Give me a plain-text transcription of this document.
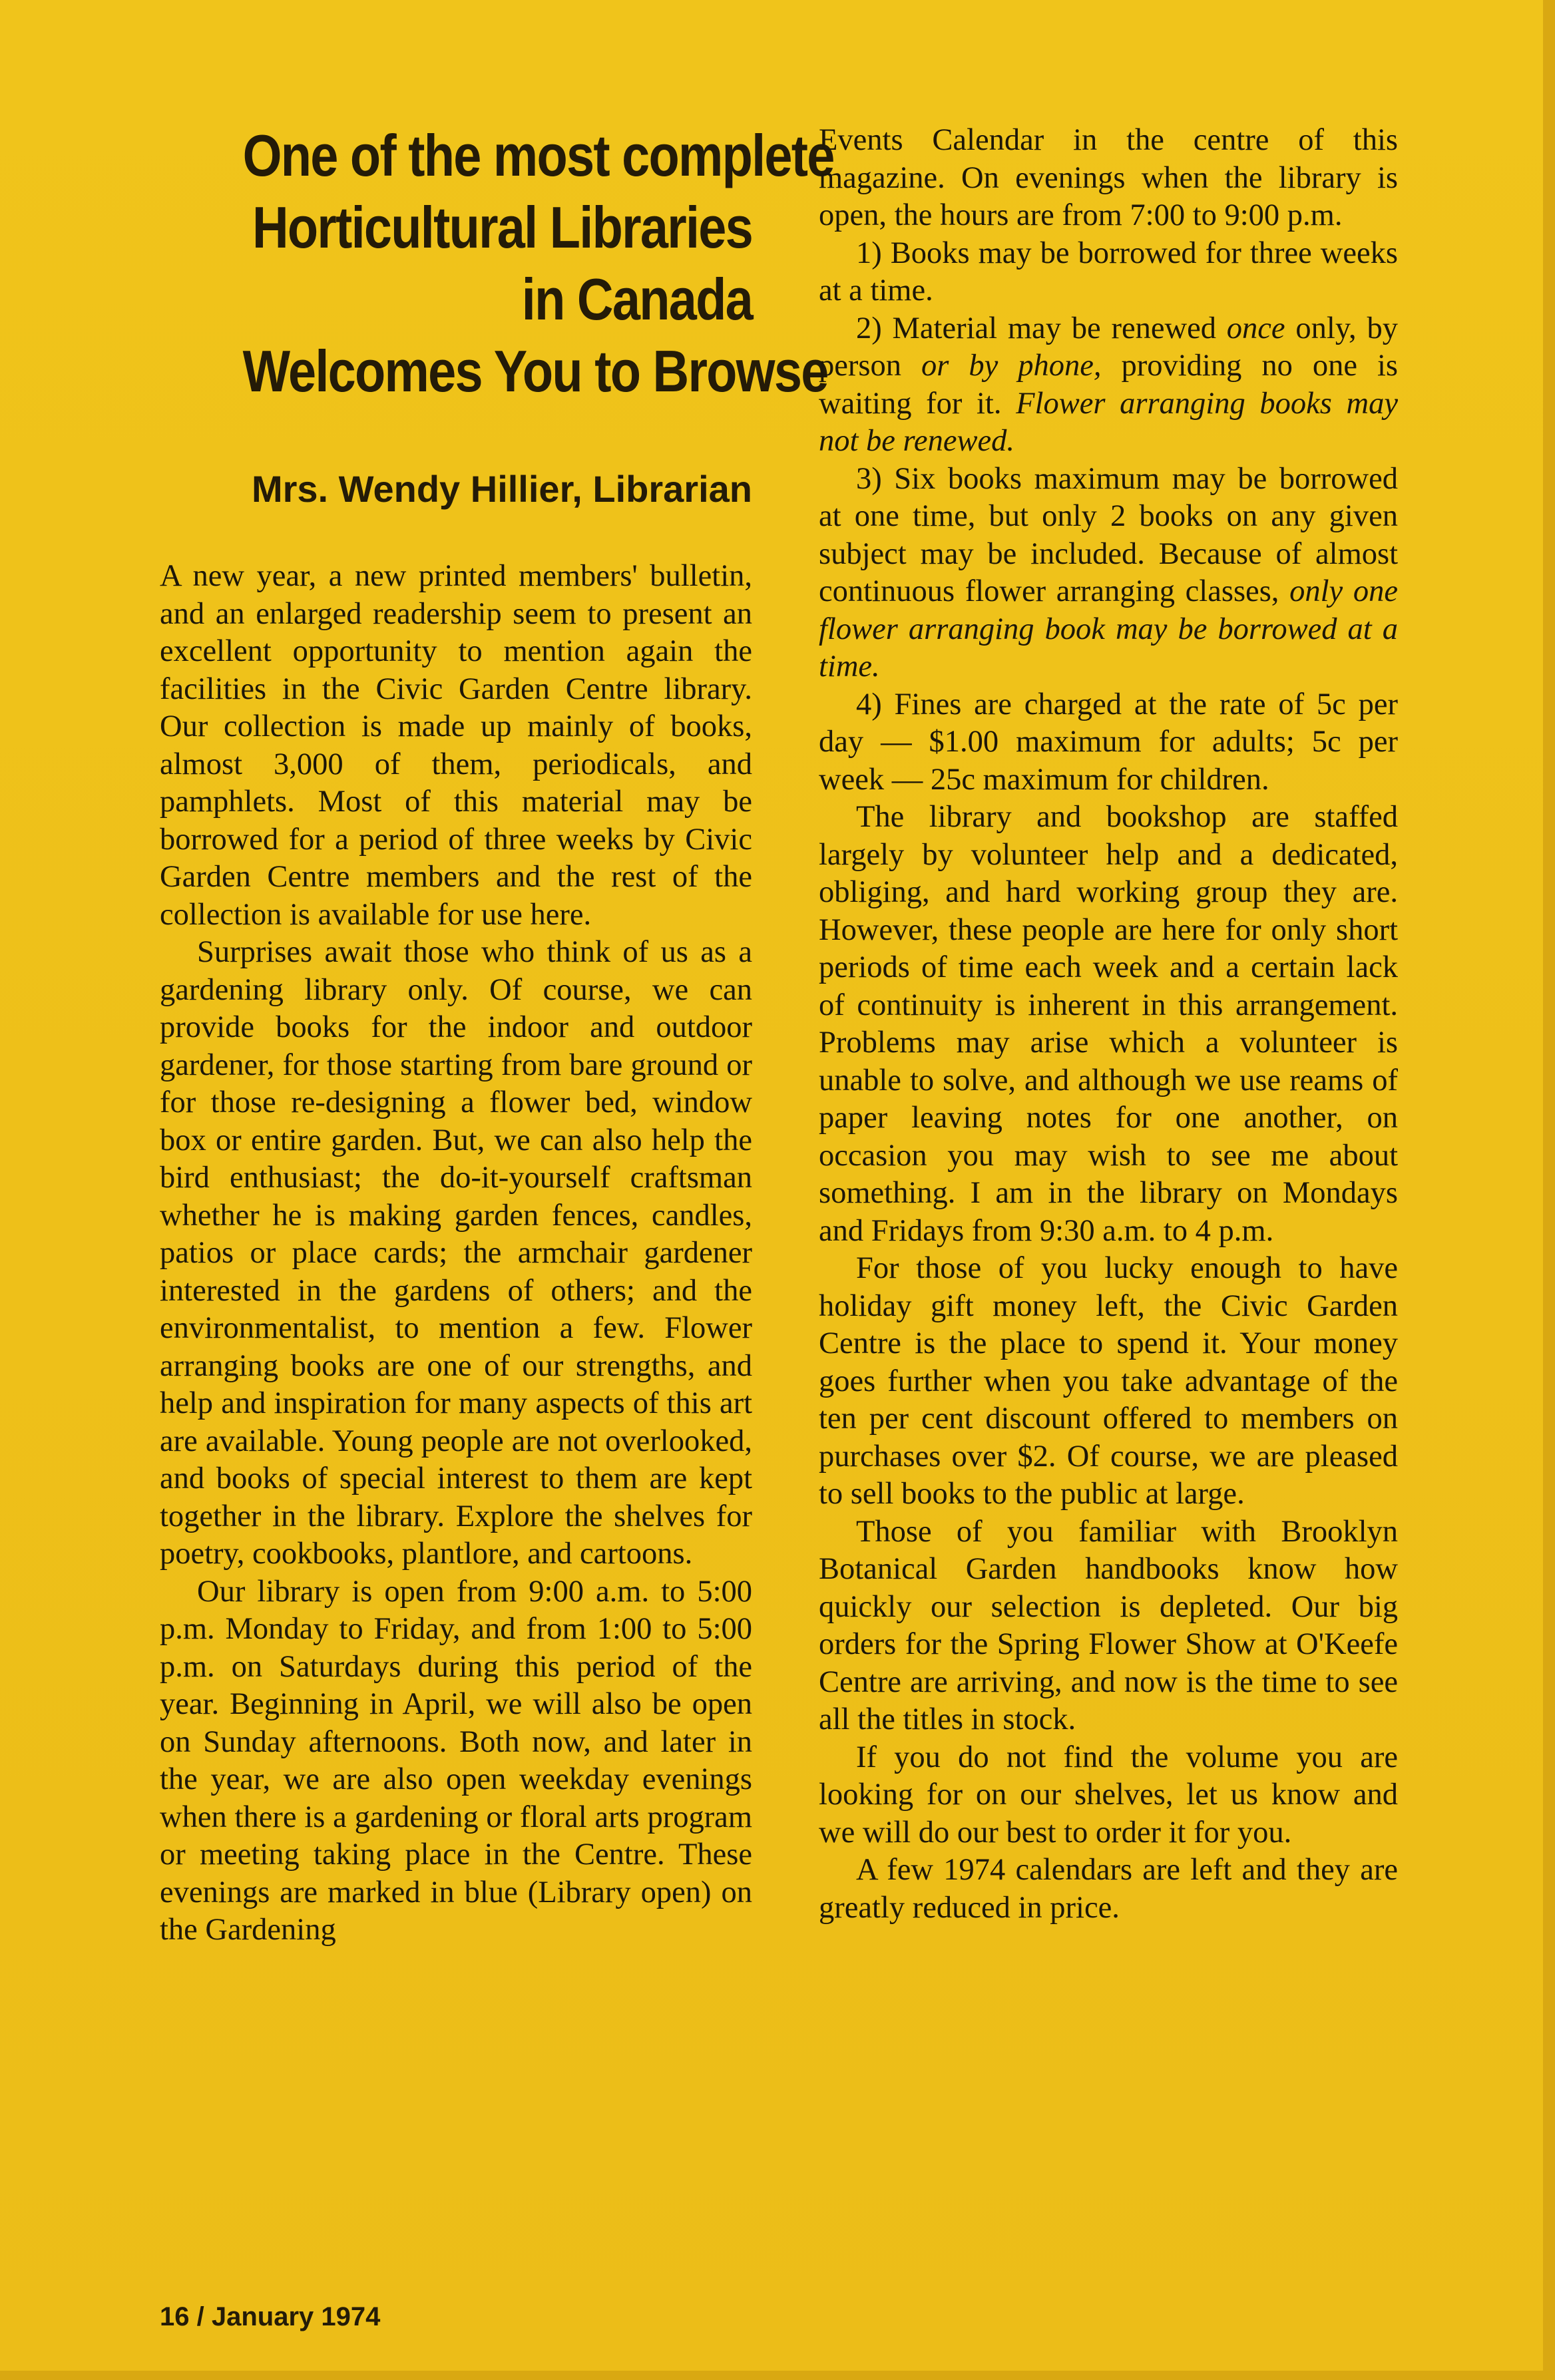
One of the most complete
Horticultural Libraries
in Canada
Welcomes You to Browse
Mrs. Wendy Hillier, Librarian

A new year, a new printed members' bulletin, and an enlarged readership seem to present an excellent opportunity to mention again the facilities in the Civic Garden Centre library. Our collection is made up mainly of books, almost 3,000 of them, periodicals, and pamphlets. Most of this material may be borrowed for a period of three weeks by Civic Garden Centre members and the rest of the collection is available for use here.

Surprises await those who think of us as a gardening library only. Of course, we can provide books for the indoor and outdoor gardener, for those starting from bare ground or for those re-designing a flower bed, window box or entire garden. But, we can also help the bird enthusiast; the do-it-yourself craftsman whether he is making garden fences, candles, patios or place cards; the armchair gardener interested in the gardens of others; and the environmentalist, to mention a few. Flower arranging books are one of our strengths, and help and inspiration for many aspects of this art are available. Young people are not overlooked, and books of special interest to them are kept together in the library. Explore the shelves for poetry, cookbooks, plantlore, and cartoons.

Our library is open from 9:00 a.m. to 5:00 p.m. Monday to Friday, and from 1:00 to 5:00 p.m. on Saturdays during this period of the year. Beginning in April, we will also be open on Sunday afternoons. Both now, and later in the year, we are also open weekday evenings when there is a gardening or floral arts program or meeting taking place in the Centre. These evenings are marked in blue (Library open) on the Gardening

Events Calendar in the centre of this magazine. On evenings when the library is open, the hours are from 7:00 to 9:00 p.m.

1) Books may be borrowed for three weeks at a time.

2) Material may be renewed once only, by person or by phone, providing no one is waiting for it. Flower arranging books may not be renewed.

3) Six books maximum may be borrowed at one time, but only 2 books on any given subject may be included. Because of almost continuous flower arranging classes, only one flower arranging book may be borrowed at a time.

4) Fines are charged at the rate of 5c per day — $1.00 maximum for adults; 5c per week — 25c maximum for children.

The library and bookshop are staffed largely by volunteer help and a dedicated, obliging, and hard working group they are. However, these people are here for only short periods of time each week and a certain lack of continuity is inherent in this arrangement. Problems may arise which a volunteer is unable to solve, and although we use reams of paper leaving notes for one another, on occasion you may wish to see me about something. I am in the library on Mondays and Fridays from 9:30 a.m. to 4 p.m.

For those of you lucky enough to have holiday gift money left, the Civic Garden Centre is the place to spend it. Your money goes further when you take advantage of the ten per cent discount offered to members on purchases over $2. Of course, we are pleased to sell books to the public at large.

Those of you familiar with Brooklyn Botanical Garden handbooks know how quickly our selection is depleted. Our big orders for the Spring Flower Show at O'Keefe Centre are arriving, and now is the time to see all the titles in stock.

If you do not find the volume you are looking for on our shelves, let us know and we will do our best to order it for you.

A few 1974 calendars are left and they are greatly reduced in price.

16 / January 1974
